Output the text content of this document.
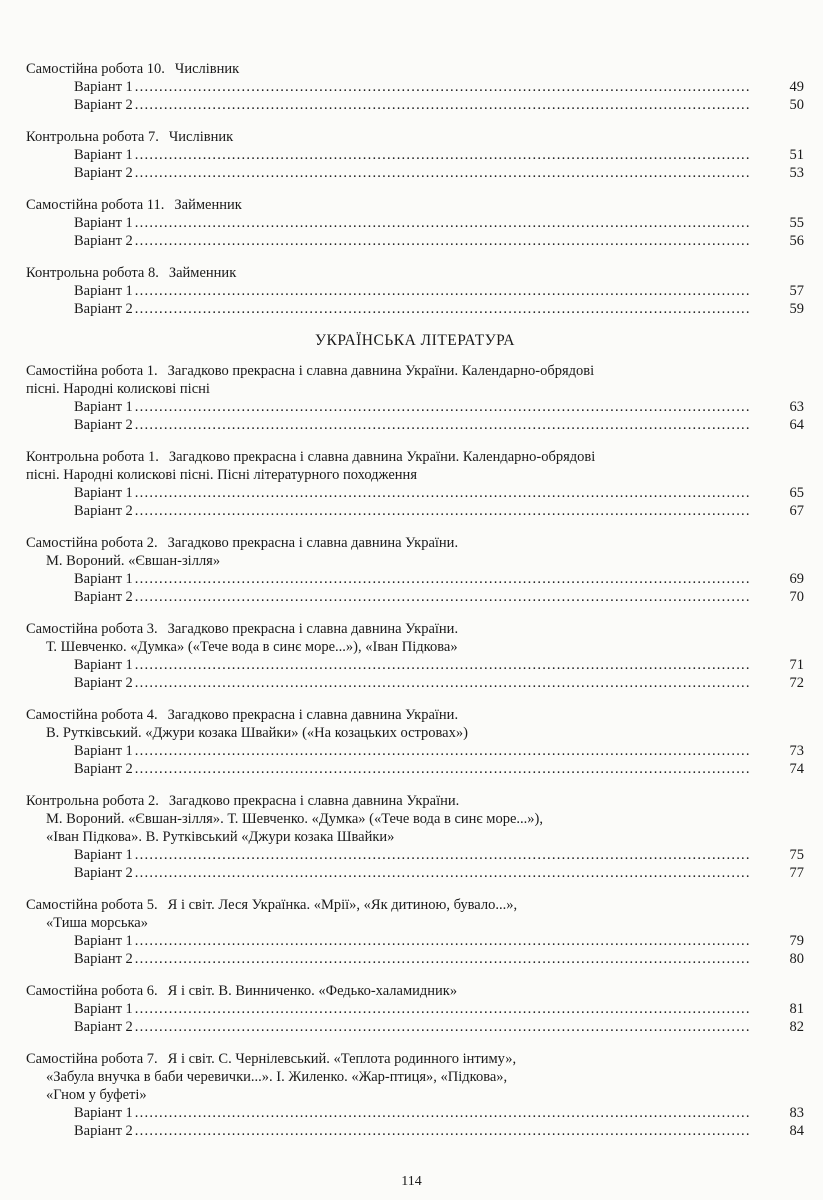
Самостійна робота 10. Числівник
Варіант 1 . . .	49
Варіант 2 . . .	50
Контрольна робота 7. Числівник
Варіант 1 . . .	51
Варіант 2 . . .	53
Самостійна робота 11. Займенник
Варіант 1 . . .	55
Варіант 2 . . .	56
Контрольна робота 8. Займенник
Варіант 1 . . .	57
Варіант 2 . . .	59
УКРАЇНСЬКА ЛІТЕРАТУРА
Самостійна робота 1. Загадково прекрасна і славна давнина України. Календарно-обрядові
пісні. Народні колискові пісні
Варіант 1 . . .	63
Варіант 2 . . .	64
Контрольна робота 1. Загадково прекрасна і славна давнина України. Календарно-обрядові
пісні. Народні колискові пісні. Пісні літературного походження
Варіант 1 . . .	65
Варіант 2 . . .	67
Самостійна робота 2. Загадково прекрасна і славна давнина України.
М. Вороний. «Євшан-зілля»
Варіант 1 . . .	69
Варіант 2 . . .	70
Самостійна робота 3. Загадково прекрасна і славна давнина України.
Т. Шевченко. «Думка» («Тече вода в синє море...»), «Іван Підкова»
Варіант 1 . . .	71
Варіант 2 . . .	72
Самостійна робота 4. Загадково прекрасна і славна давнина України.
В. Рутківський. «Джури козака Швайки» («На козацьких островах»)
Варіант 1 . . .	73
Варіант 2 . . .	74
Контрольна робота 2. Загадково прекрасна і славна давнина України.
М. Вороний. «Євшан-зілля». Т. Шевченко. «Думка» («Тече вода в синє море...»),
«Іван Підкова». В. Рутківський «Джури козака Швайки»
Варіант 1 . . .	75
Варіант 2 . . .	77
Самостійна робота 5. Я і світ. Леся Українка. «Мрії», «Як дитиною, бувало...»,
«Тиша морська»
Варіант 1 . . .	79
Варіант 2 . . .	80
Самостійна робота 6. Я і світ. В. Винниченко. «Федько-халамидник»
Варіант 1 . . .	81
Варіант 2 . . .	82
Самостійна робота 7. Я і світ. С. Чернілевський. «Теплота родинного інтиму»,
«Забула внучка в баби черевички...». І. Жиленко. «Жар-птиця», «Підкова»,
«Гном у буфеті»
Варіант 1 . . .	83
Варіант 2 . . .	84
114
